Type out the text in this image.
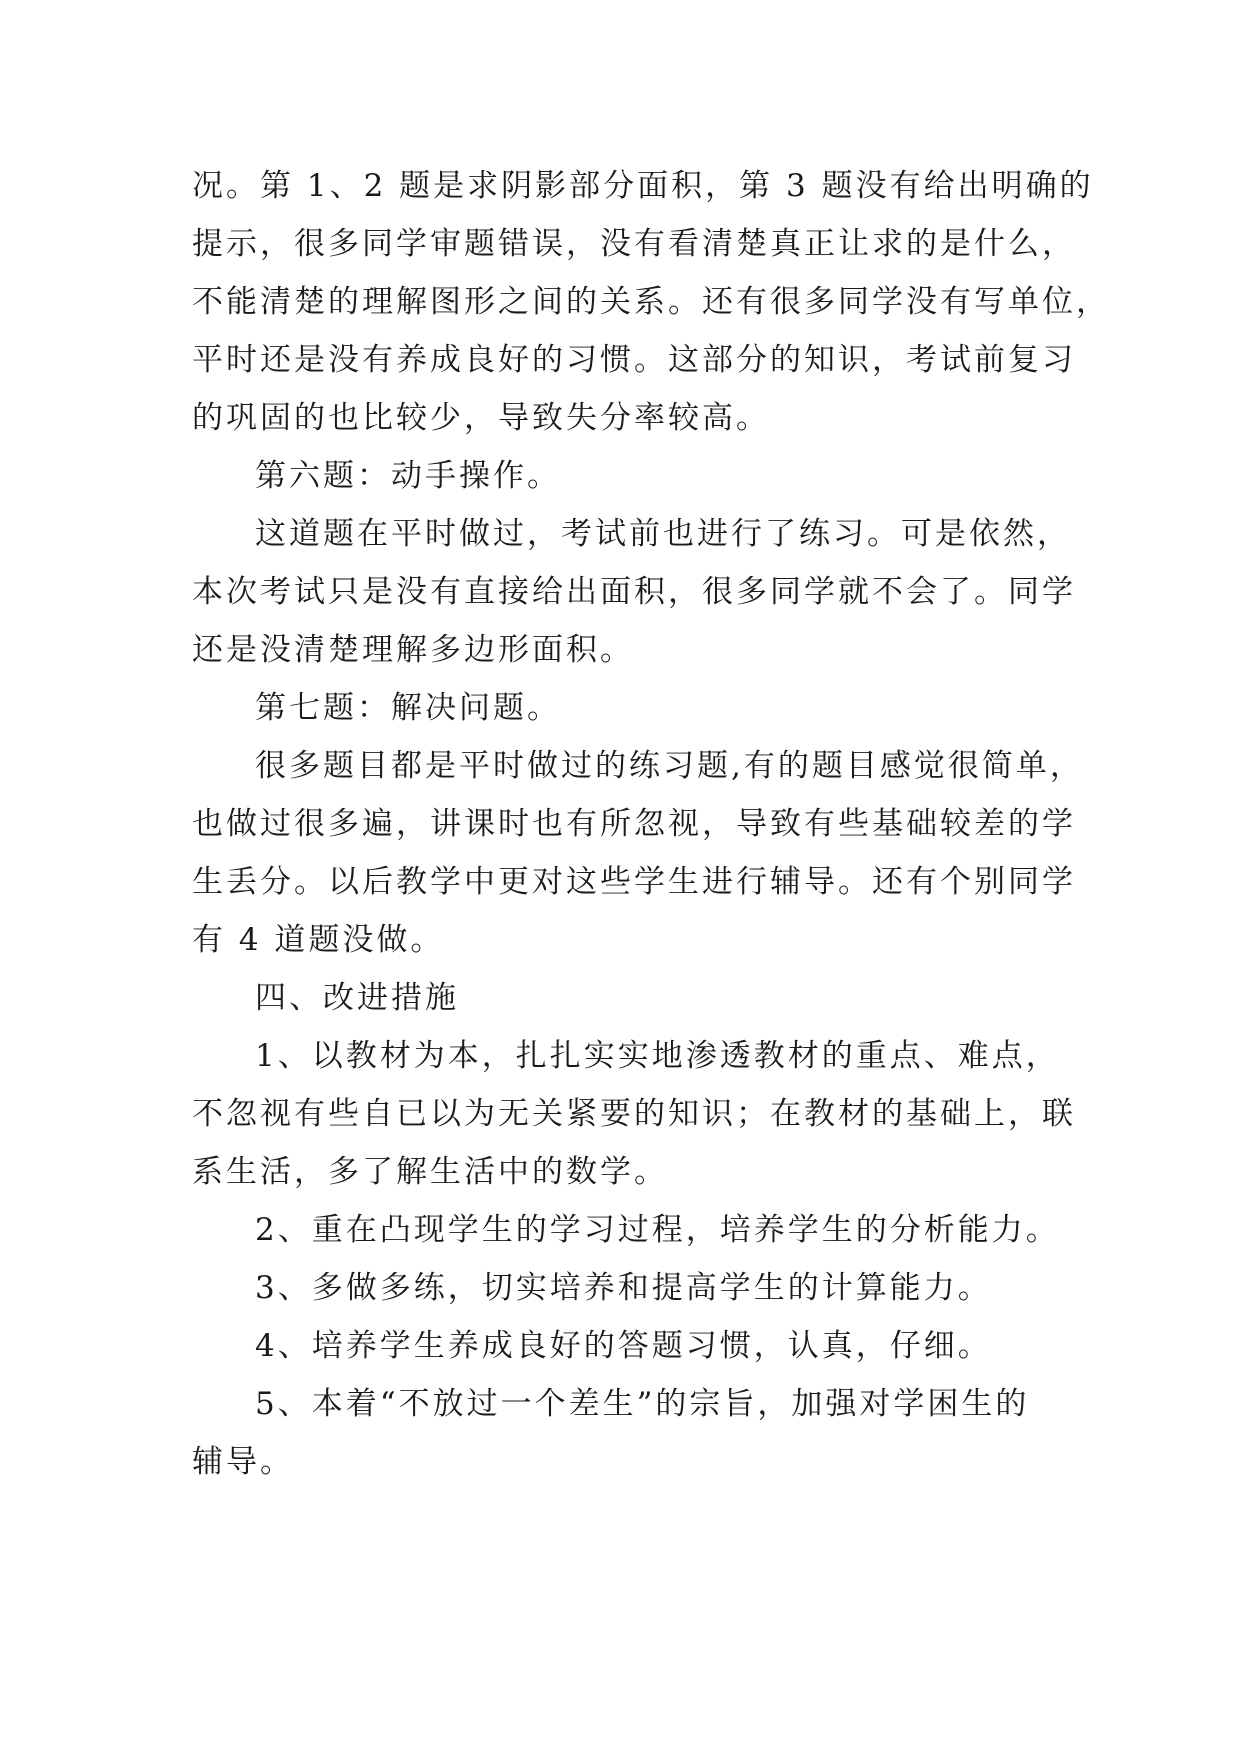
况。第 1、2 题是求阴影部分面积，第 3 题没有给出明确的
提示，很多同学审题错误，没有看清楚真正让求的是什么，
不能清楚的理解图形之间的关系。还有很多同学没有写单位，
平时还是没有养成良好的习惯。这部分的知识，考试前复习
的巩固的也比较少，导致失分率较高。
第六题：动手操作。
这道题在平时做过，考试前也进行了练习。可是依然，
本次考试只是没有直接给出面积，很多同学就不会了。同学
还是没清楚理解多边形面积。
第七题：解决问题。
很多题目都是平时做过的练习题,有的题目感觉很简单，
也做过很多遍，讲课时也有所忽视，导致有些基础较差的学
生丢分。以后教学中更对这些学生进行辅导。还有个别同学
有 4 道题没做。
四、改进措施
1、以教材为本，扎扎实实地渗透教材的重点、难点，
不忽视有些自已以为无关紧要的知识；在教材的基础上，联
系生活，多了解生活中的数学。
2、重在凸现学生的学习过程，培养学生的分析能力。
3、多做多练，切实培养和提高学生的计算能力。
4、培养学生养成良好的答题习惯，认真，仔细。
5、本着“不放过一个差生”的宗旨，加强对学困生的
辅导。
